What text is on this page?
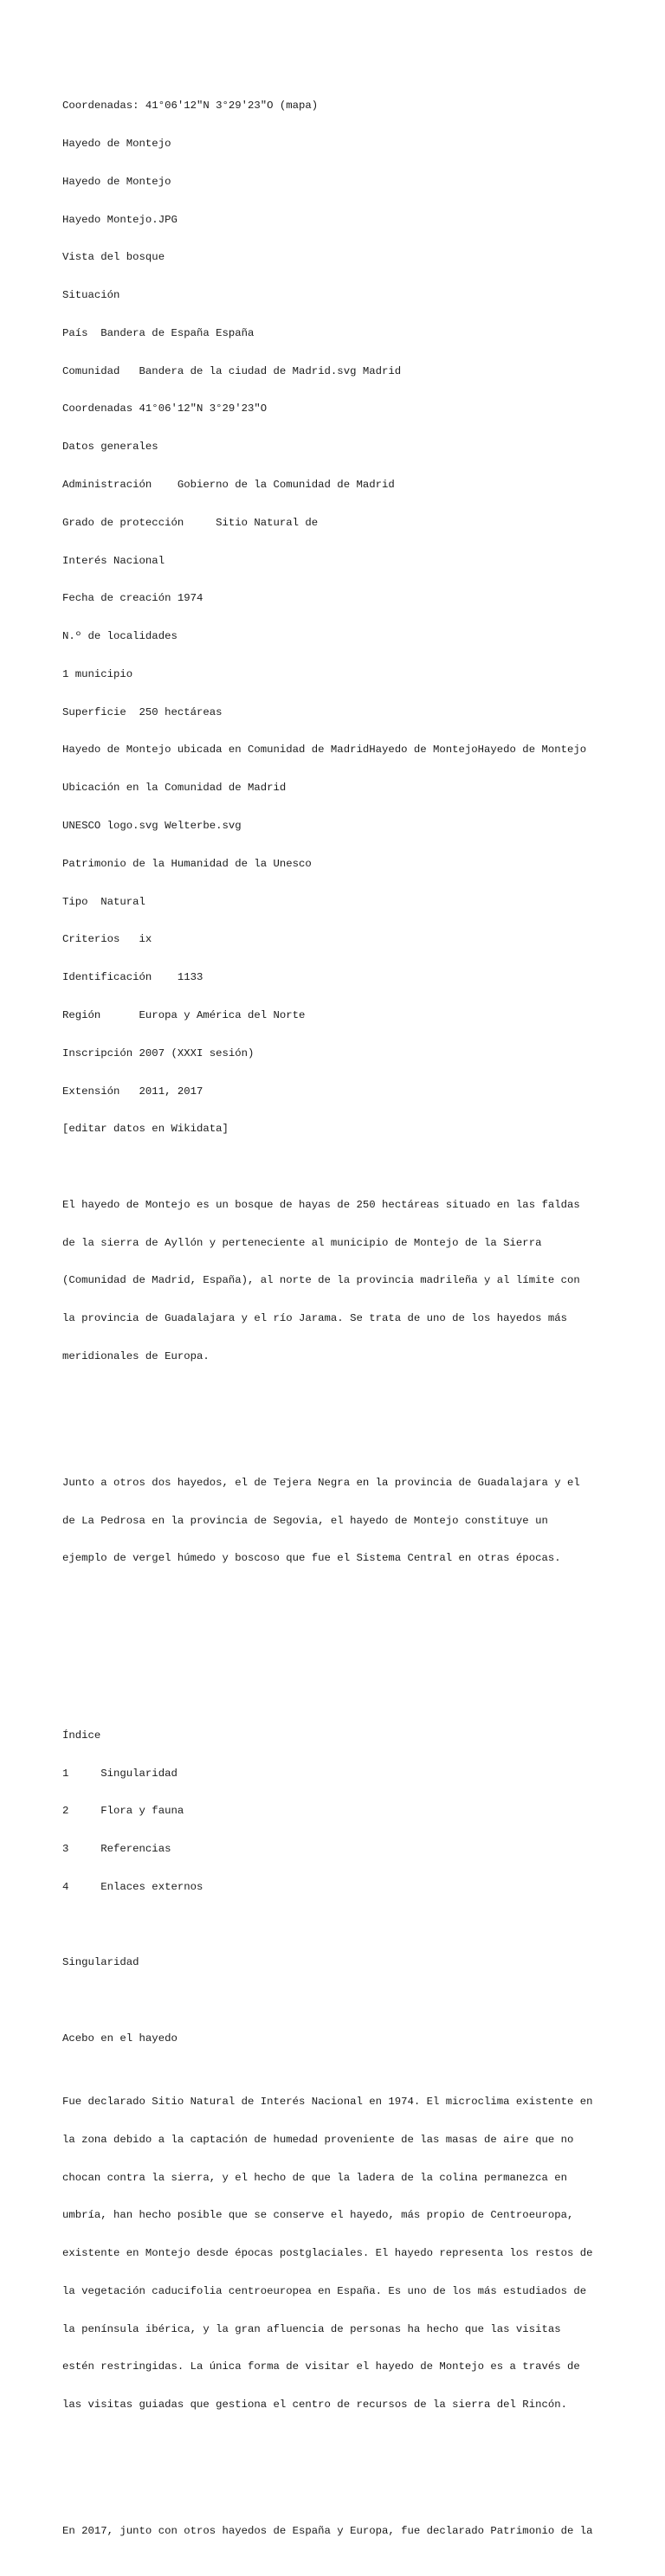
Coordenadas: 41°06′12″N 3°29′23″O (mapa)

Hayedo de Montejo

Hayedo de Montejo

Hayedo Montejo.JPG

Vista del bosque

Situación

País  Bandera de España España

Comunidad   Bandera de la ciudad de Madrid.svg Madrid

Coordenadas 41°06′12″N 3°29′23″O

Datos generales

Administración    Gobierno de la Comunidad de Madrid

Grado de protección     Sitio Natural de

Interés Nacional

Fecha de creación 1974

N.º de localidades

1 municipio

Superficie  250 hectáreas

Hayedo de Montejo ubicada en Comunidad de MadridHayedo de MontejoHayedo de Montejo

Ubicación en la Comunidad de Madrid

UNESCO logo.svg Welterbe.svg

Patrimonio de la Humanidad de la Unesco

Tipo  Natural

Criterios   ix

Identificación    1133

Región      Europa y América del Norte

Inscripción 2007 (XXXI sesión)

Extensión   2011, 2017

[editar datos en Wikidata]

El hayedo de Montejo es un bosque de hayas de 250 hectáreas situado en las faldas

de la sierra de Ayllón y perteneciente al municipio de Montejo de la Sierra

(Comunidad de Madrid, España), al norte de la provincia madrileña y al límite con

la provincia de Guadalajara y el río Jarama. Se trata de uno de los hayedos más

meridionales de Europa.

Junto a otros dos hayedos, el de Tejera Negra en la provincia de Guadalajara y el

de La Pedrosa en la provincia de Segovia, el hayedo de Montejo constituye un

ejemplo de vergel húmedo y boscoso que fue el Sistema Central en otras épocas.

Índice

1     Singularidad

2     Flora y fauna

3     Referencias

4     Enlaces externos

Singularidad

Acebo en el hayedo

Fue declarado Sitio Natural de Interés Nacional en 1974. El microclima existente en

la zona debido a la captación de humedad proveniente de las masas de aire que no

chocan contra la sierra, y el hecho de que la ladera de la colina permanezca en

umbría, han hecho posible que se conserve el hayedo, más propio de Centroeuropa,

existente en Montejo desde épocas postglaciales. El hayedo representa los restos de

la vegetación caducifolia centroeuropea en España. Es uno de los más estudiados de

la península ibérica, y la gran afluencia de personas ha hecho que las visitas

estén restringidas. La única forma de visitar el hayedo de Montejo es a través de

las visitas guiadas que gestiona el centro de recursos de la sierra del Rincón.

En 2017, junto con otros hayedos de España y Europa, fue declarado Patrimonio de la
